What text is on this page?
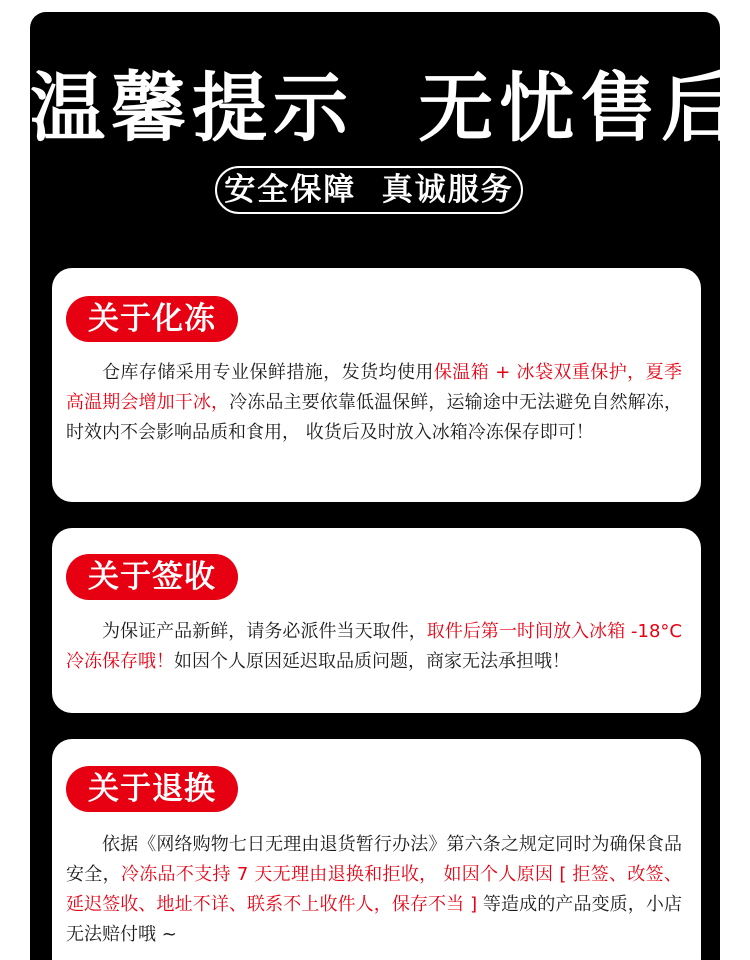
温馨提示  无忧售后
安全保障  真诚服务
关于化冻
仓库存储采用专业保鲜措施，发货均使用保温箱 + 冰袋双重保护，夏季高温期会增加干冰，冷冻品主要依靠低温保鲜，运输途中无法避免自然解冻， 时效内不会影响品质和食用， 收货后及时放入冰箱冷冻保存即可！
关于签收
为保证产品新鲜，请务必派件当天取件，取件后第一时间放入冰箱 -18°C 冷冻保存哦！如因个人原因延迟取品质问题，商家无法承担哦！
关于退换
依据《网络购物七日无理由退货暂行办法》第六条之规定同时为确保食品安全，冷冻品不支持 7 天无理由退换和拒收， 如因个人原因 [ 拒签、改签、延迟签收、地址不详、联系不上收件人，保存不当 ] 等造成的产品变质，小店无法赔付哦 ~
